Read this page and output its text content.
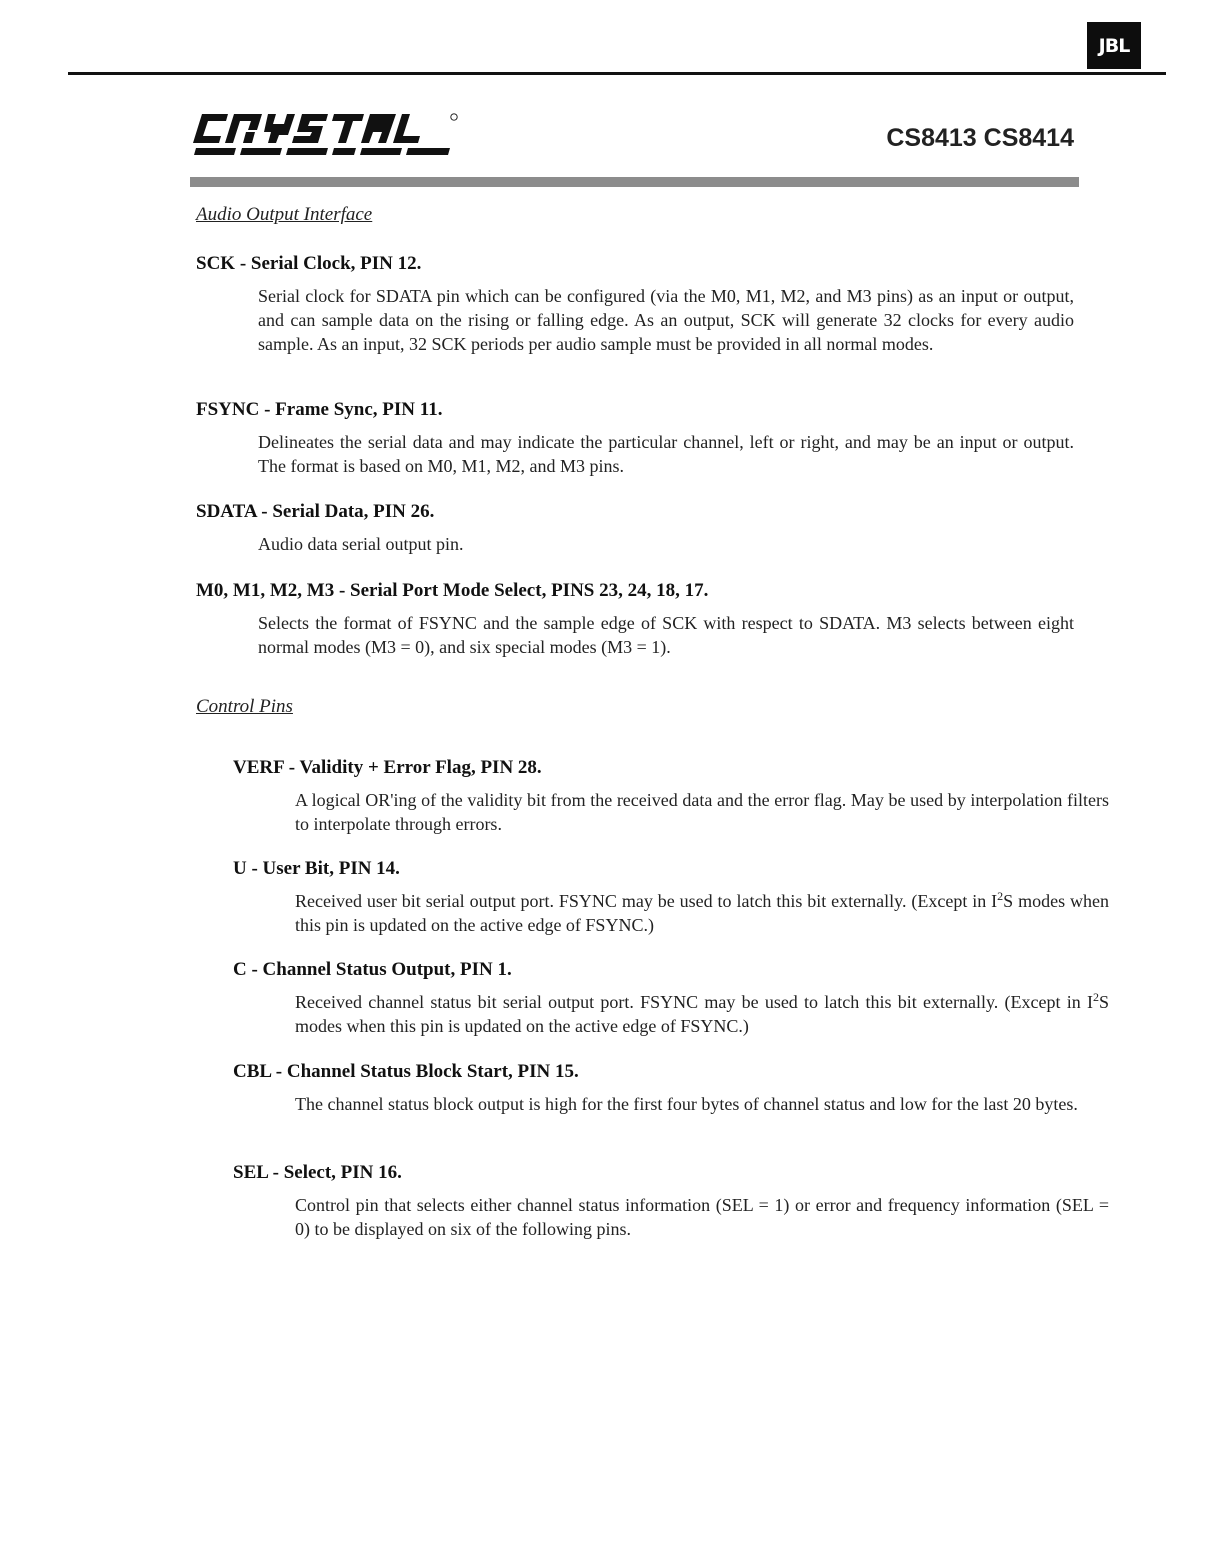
JBL
CS8413 CS8414
Audio Output Interface

SCK - Serial Clock, PIN 12.

Serial clock for SDATA pin which can be configured (via the M0, M1, M2, and M3 pins) as an input or output, and can sample data on the rising or falling edge. As an output, SCK will generate 32 clocks for every audio sample. As an input, 32 SCK periods per audio sample must be provided in all normal modes.

FSYNC - Frame Sync, PIN 11.

Delineates the serial data and may indicate the particular channel, left or right, and may be an input or output. The format is based on M0, M1, M2, and M3 pins.

SDATA - Serial Data, PIN 26.

Audio data serial output pin.

M0, M1, M2, M3 - Serial Port Mode Select, PINS 23, 24, 18, 17.

Selects the format of FSYNC and the sample edge of SCK with respect to SDATA. M3 selects between eight normal modes (M3 = 0), and six special modes (M3 = 1).

Control Pins

VERF - Validity + Error Flag, PIN 28.

A logical OR'ing of the validity bit from the received data and the error flag. May be used by interpolation filters to interpolate through errors.

U - User Bit, PIN 14.

Received user bit serial output port. FSYNC may be used to latch this bit externally. (Except in $I^2S$ modes when this pin is updated on the active edge of FSYNC.)

C - Channel Status Output, PIN 1.

Received channel status bit serial output port. FSYNC may be used to latch this bit externally. (Except in $I^2S$ modes when this pin is updated on the active edge of FSYNC.)

CBL - Channel Status Block Start, PIN 15.

The channel status block output is high for the first four bytes of channel status and low for the last 20 bytes.

SEL - Select, PIN 16.

Control pin that selects either channel status information (SEL = 1) or error and frequency information (SEL = 0) to be displayed on six of the following pins.
